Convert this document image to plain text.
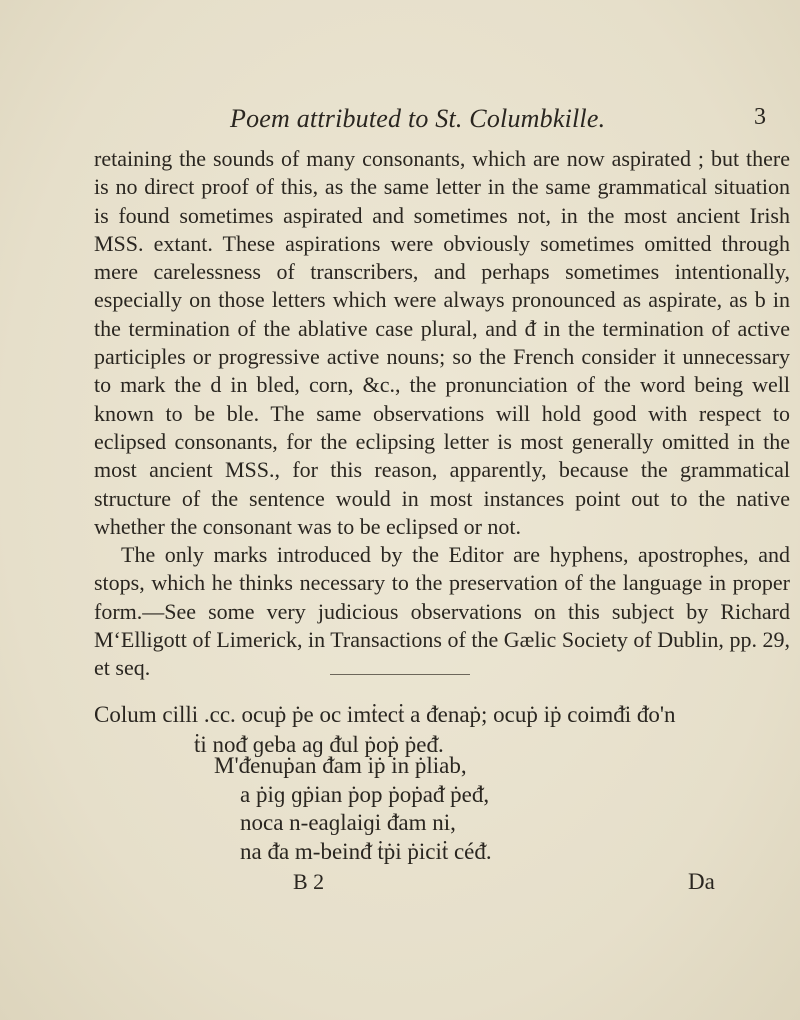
Poem attributed to St. Columbkille.	3

retaining the sounds of many consonants, which are now aspirated ; but there is no direct proof of this, as the same letter in the same grammatical situation is found sometimes aspirated and sometimes not, in the most ancient Irish MSS. extant. These aspirations were obviously sometimes omitted through mere carelessness of transcribers, and perhaps sometimes intentionally, especially on those letters which were always pronounced as aspirate, as b in the termination of the ablative case plural, and ᵭ in the termination of active participles or progressive active nouns; so the French consider it unnecessary to mark the d in bled, corn, &c., the pronunciation of the word being well known to be ble. The same observations will hold good with respect to eclipsed consonants, for the eclipsing letter is most generally omitted in the most ancient MSS., for this reason, apparently, because the grammatical structure of the sentence would in most instances point out to the native whether the consonant was to be eclipsed or not.

The only marks introduced by the Editor are hyphens, apostrophes, and stops, which he thinks necessary to the preservation of the language in proper form.—See some very judicious observations on this subject by Richard M‘Elligott of Limerick, in Transactions of the Gælic Society of Dublin, pp. 29, et seq.

Colum cilli .cc. ocuṗ ṗe oc imṫecṫ a ᵭenaṗ; ocuṗ iṗ coimᵭi ᵭo'n
ṫi noᵭ ɡeba aɡ ᵭul ṗoṗ ṗeᵭ.
M'ᵭenuṗan ᵭam iṗ in ṗliab,
a ṗiɡ ɡṗian ṗop ṗoṗaᵭ ṗeᵭ,
noca n-eaɡlaiɡi ᵭam ni,
na ᵭa m-beinᵭ ṫṗi ṗiciṫ céᵭ.
B 2	Da
